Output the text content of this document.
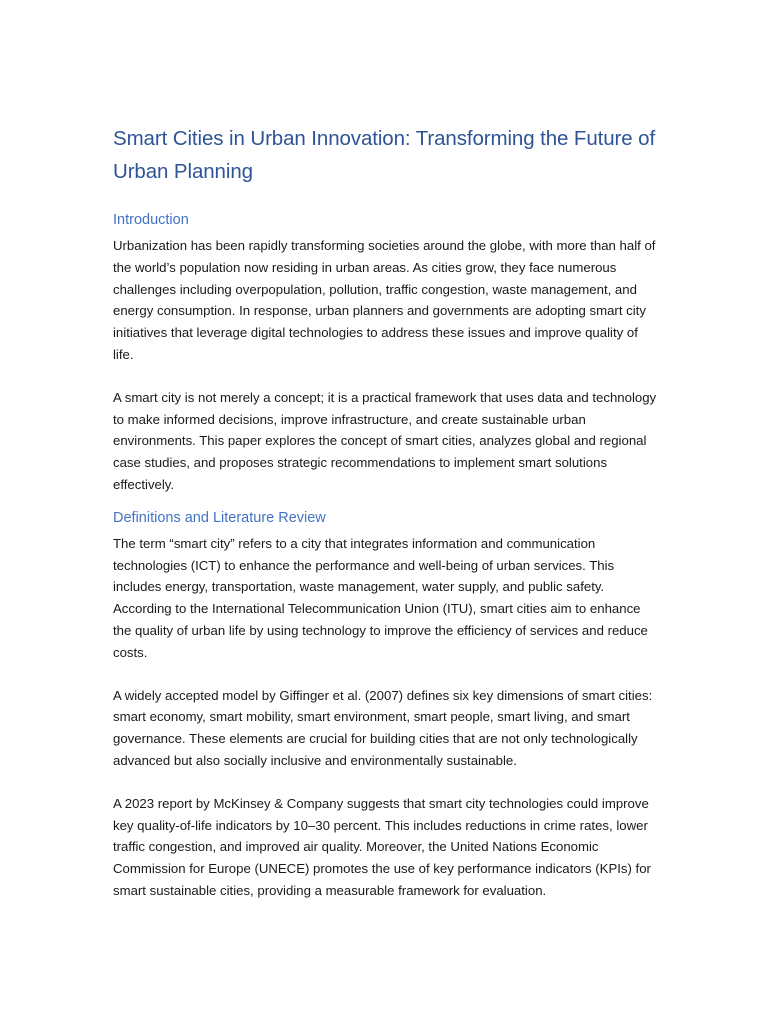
Smart Cities in Urban Innovation: Transforming the Future of Urban Planning
Introduction

Urbanization has been rapidly transforming societies around the globe, with more than half of the world’s population now residing in urban areas. As cities grow, they face numerous challenges including overpopulation, pollution, traffic congestion, waste management, and energy consumption. In response, urban planners and governments are adopting smart city initiatives that leverage digital technologies to address these issues and improve quality of life.

A smart city is not merely a concept; it is a practical framework that uses data and technology to make informed decisions, improve infrastructure, and create sustainable urban environments. This paper explores the concept of smart cities, analyzes global and regional case studies, and proposes strategic recommendations to implement smart solutions effectively.

Definitions and Literature Review

The term “smart city” refers to a city that integrates information and communication technologies (ICT) to enhance the performance and well-being of urban services. This includes energy, transportation, waste management, water supply, and public safety. According to the International Telecommunication Union (ITU), smart cities aim to enhance the quality of urban life by using technology to improve the efficiency of services and reduce costs.

A widely accepted model by Giffinger et al. (2007) defines six key dimensions of smart cities: smart economy, smart mobility, smart environment, smart people, smart living, and smart governance. These elements are crucial for building cities that are not only technologically advanced but also socially inclusive and environmentally sustainable.

A 2023 report by McKinsey & Company suggests that smart city technologies could improve key quality-of-life indicators by 10–30 percent. This includes reductions in crime rates, lower traffic congestion, and improved air quality. Moreover, the United Nations Economic Commission for Europe (UNECE) promotes the use of key performance indicators (KPIs) for smart sustainable cities, providing a measurable framework for evaluation.
